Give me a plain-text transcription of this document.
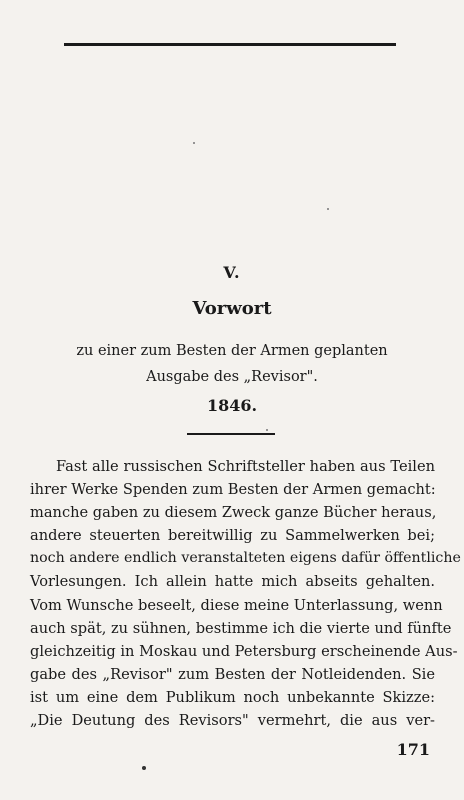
V.
Vorwort
zu einer zum Besten der Armen geplanten
Ausgabe des „Revisor".
1846.
Fast alle russischen Schriftsteller haben aus Teilen
ihrer Werke Spenden zum Besten der Armen gemacht:
manche gaben zu diesem Zweck ganze Bücher heraus,
andere steuerten bereitwillig zu Sammelwerken bei;
noch andere endlich veranstalteten eigens dafür öffentliche
Vorlesungen. Ich allein hatte mich abseits gehalten.
Vom Wunsche beseelt, diese meine Unterlassung, wenn
auch spät, zu sühnen, bestimme ich die vierte und fünfte
gleichzeitig in Moskau und Petersburg erscheinende Aus-
gabe des „Revisor" zum Besten der Notleidenden. Sie
ist um eine dem Publikum noch unbekannte Skizze:
„Die Deutung des Revisors" vermehrt, die aus ver-
171
